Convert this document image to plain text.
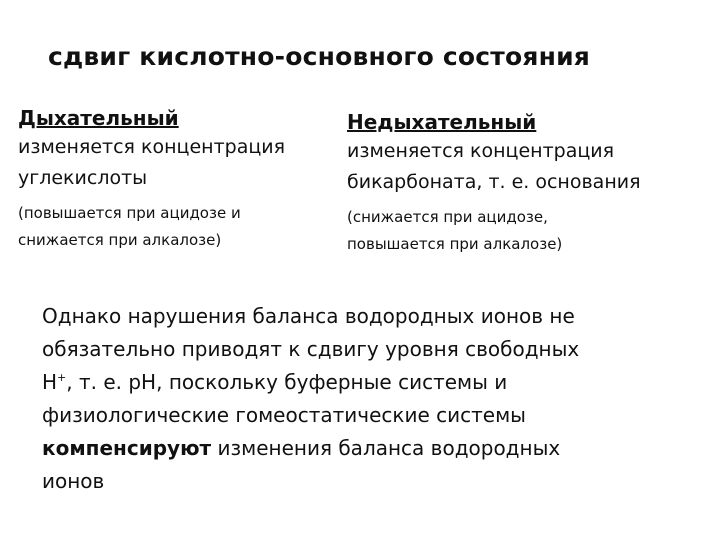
сдвиг кислотно-основного состояния
Дыхательный
изменяется концентрация
углекислоты
(повышается при ацидозе и
снижается при алкалозе)
Недыхательный
изменяется концентрация
бикарбоната, т. е. основания
(снижается при ацидозе,
повышается при алкалозе)
Однако нарушения баланса водородных ионов не
обязательно приводят к сдвигу уровня свободных
H+, т. е. pH, поскольку буферные системы и
физиологические гомеостатические системы
компенсируют изменения баланса водородных
ионов
